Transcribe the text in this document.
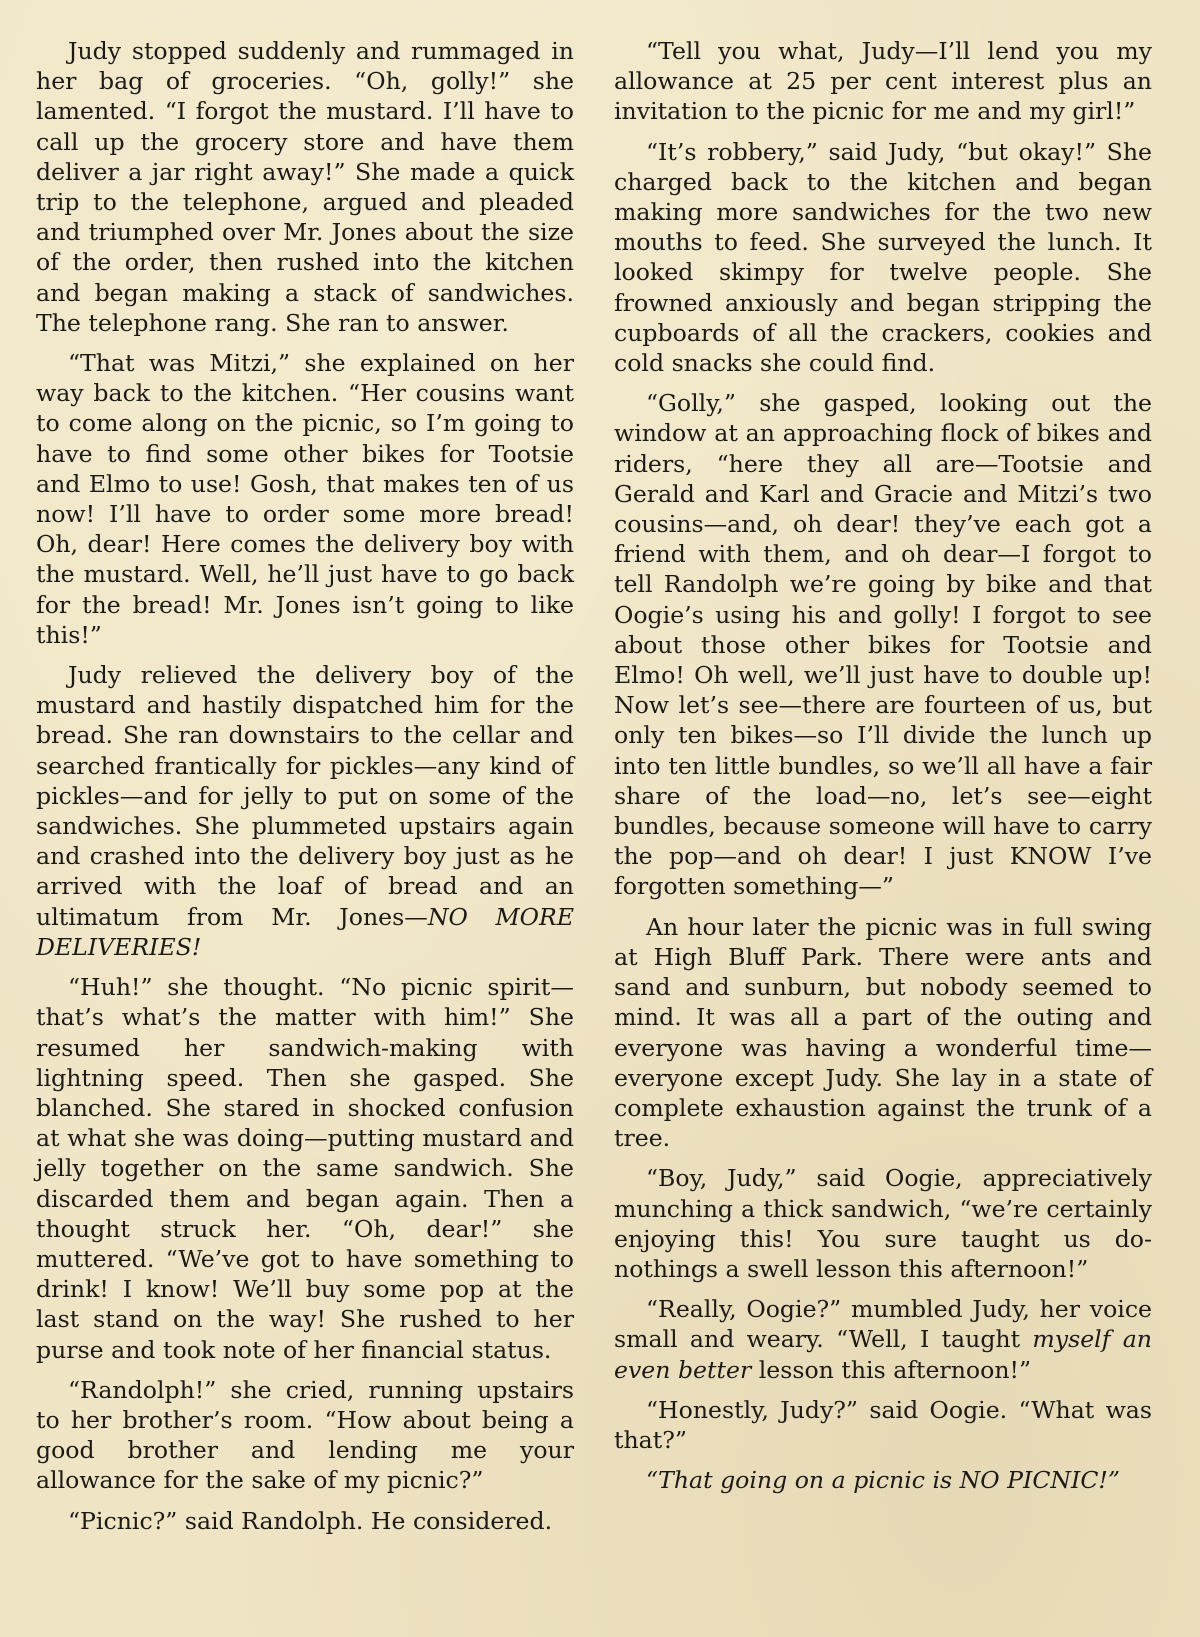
Judy stopped suddenly and rummaged in her bag of groceries. “Oh, golly!” she lamented. “I forgot the mustard. I’ll have to call up the grocery store and have them deliver a jar right away!” She made a quick trip to the telephone, argued and pleaded and triumphed over Mr. Jones about the size of the order, then rushed into the kitchen and began making a stack of sandwiches. The telephone rang. She ran to answer.

“That was Mitzi,” she explained on her way back to the kitchen. “Her cousins want to come along on the picnic, so I’m going to have to find some other bikes for Tootsie and Elmo to use! Gosh, that makes ten of us now! I’ll have to order some more bread! Oh, dear! Here comes the delivery boy with the mustard. Well, he’ll just have to go back for the bread! Mr. Jones isn’t going to like this!”

Judy relieved the delivery boy of the mustard and hastily dispatched him for the bread. She ran downstairs to the cellar and searched frantically for pickles—any kind of pickles—and for jelly to put on some of the sandwiches. She plummeted upstairs again and crashed into the delivery boy just as he arrived with the loaf of bread and an ultimatum from Mr. Jones—NO MORE DELIVERIES!

“Huh!” she thought. “No picnic spirit—that’s what’s the matter with him!” She resumed her sandwich-making with lightning speed. Then she gasped. She blanched. She stared in shocked confusion at what she was doing—putting mustard and jelly together on the same sandwich. She discarded them and began again. Then a thought struck her. “Oh, dear!” she muttered. “We’ve got to have something to drink! I know! We’ll buy some pop at the last stand on the way! She rushed to her purse and took note of her financial status.

“Randolph!” she cried, running upstairs to her brother’s room. “How about being a good brother and lending me your allowance for the sake of my picnic?”

“Picnic?” said Randolph. He considered.

“Tell you what, Judy—I’ll lend you my allowance at 25 per cent interest plus an invitation to the picnic for me and my girl!”

“It’s robbery,” said Judy, “but okay!” She charged back to the kitchen and began making more sandwiches for the two new mouths to feed. She surveyed the lunch. It looked skimpy for twelve people. She frowned anxiously and began stripping the cupboards of all the crackers, cookies and cold snacks she could find.

“Golly,” she gasped, looking out the window at an approaching flock of bikes and riders, “here they all are—Tootsie and Gerald and Karl and Gracie and Mitzi’s two cousins—and, oh dear! they’ve each got a friend with them, and oh dear—I forgot to tell Randolph we’re going by bike and that Oogie’s using his and golly! I forgot to see about those other bikes for Tootsie and Elmo! Oh well, we’ll just have to double up! Now let’s see—there are fourteen of us, but only ten bikes—so I’ll divide the lunch up into ten little bundles, so we’ll all have a fair share of the load—no, let’s see—eight bundles, because someone will have to carry the pop—and oh dear! I just KNOW I’ve forgotten something—”

An hour later the picnic was in full swing at High Bluff Park. There were ants and sand and sunburn, but nobody seemed to mind. It was all a part of the outing and everyone was having a wonderful time—everyone except Judy. She lay in a state of complete exhaustion against the trunk of a tree.

“Boy, Judy,” said Oogie, appreciatively munching a thick sandwich, “we’re certainly enjoying this! You sure taught us do-nothings a swell lesson this afternoon!”

“Really, Oogie?” mumbled Judy, her voice small and weary. “Well, I taught myself an even better lesson this afternoon!”

“Honestly, Judy?” said Oogie. “What was that?”

“That going on a picnic is NO PICNIC!”
